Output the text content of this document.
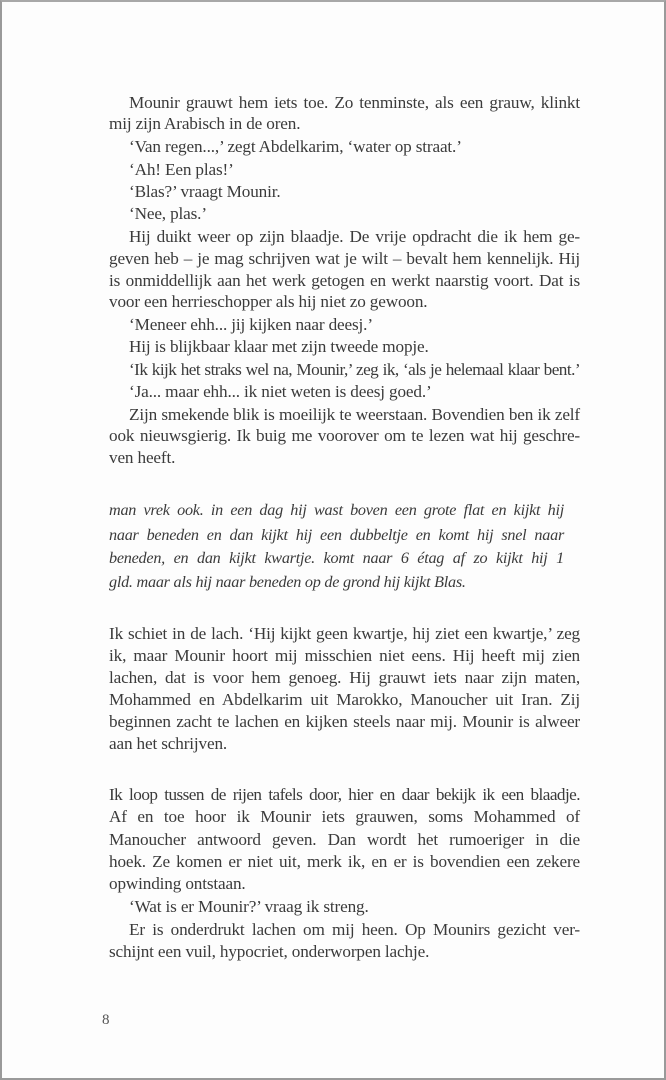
Mounir grauwt hem iets toe. Zo tenminste, als een grauw, klinkt
mij zijn Arabisch in de oren.
‘Van regen...,’ zegt Abdelkarim, ‘water op straat.’
‘Ah! Een plas!’
‘Blas?’ vraagt Mounir.
‘Nee, plas.’
Hij duikt weer op zijn blaadje. De vrije opdracht die ik hem ge-
geven heb – je mag schrijven wat je wilt – bevalt hem kennelijk. Hij
is onmiddellijk aan het werk getogen en werkt naarstig voort. Dat is
voor een herrieschopper als hij niet zo gewoon.
‘Meneer ehh... jij kijken naar deesj.’
Hij is blijkbaar klaar met zijn tweede mopje.
‘Ik kijk het straks wel na, Mounir,’ zeg ik, ‘als je helemaal klaar bent.’
‘Ja... maar ehh... ik niet weten is deesj goed.’
Zijn smekende blik is moeilijk te weerstaan. Bovendien ben ik zelf
ook nieuwsgierig. Ik buig me voorover om te lezen wat hij geschre-
ven heeft.
man vrek ook. in een dag hij wast boven een grote flat en kijkt hij
naar beneden en dan kijkt hij een dubbeltje en komt hij snel naar
beneden, en dan kijkt kwartje. komt naar 6 étag af zo kijkt hij 1
gld. maar als hij naar beneden op de grond hij kijkt Blas.
Ik schiet in de lach. ‘Hij kijkt geen kwartje, hij ziet een kwartje,’ zeg
ik, maar Mounir hoort mij misschien niet eens. Hij heeft mij zien
lachen, dat is voor hem genoeg. Hij grauwt iets naar zijn maten,
Mohammed en Abdelkarim uit Marokko, Manoucher uit Iran. Zij
beginnen zacht te lachen en kijken steels naar mij. Mounir is alweer
aan het schrijven.
Ik loop tussen de rijen tafels door, hier en daar bekijk ik een blaadje.
Af en toe hoor ik Mounir iets grauwen, soms Mohammed of
Manoucher antwoord geven. Dan wordt het rumoeriger in die
hoek. Ze komen er niet uit, merk ik, en er is bovendien een zekere
opwinding ontstaan.
‘Wat is er Mounir?’ vraag ik streng.
Er is onderdrukt lachen om mij heen. Op Mounirs gezicht ver-
schijnt een vuil, hypocriet, onderworpen lachje.
8
